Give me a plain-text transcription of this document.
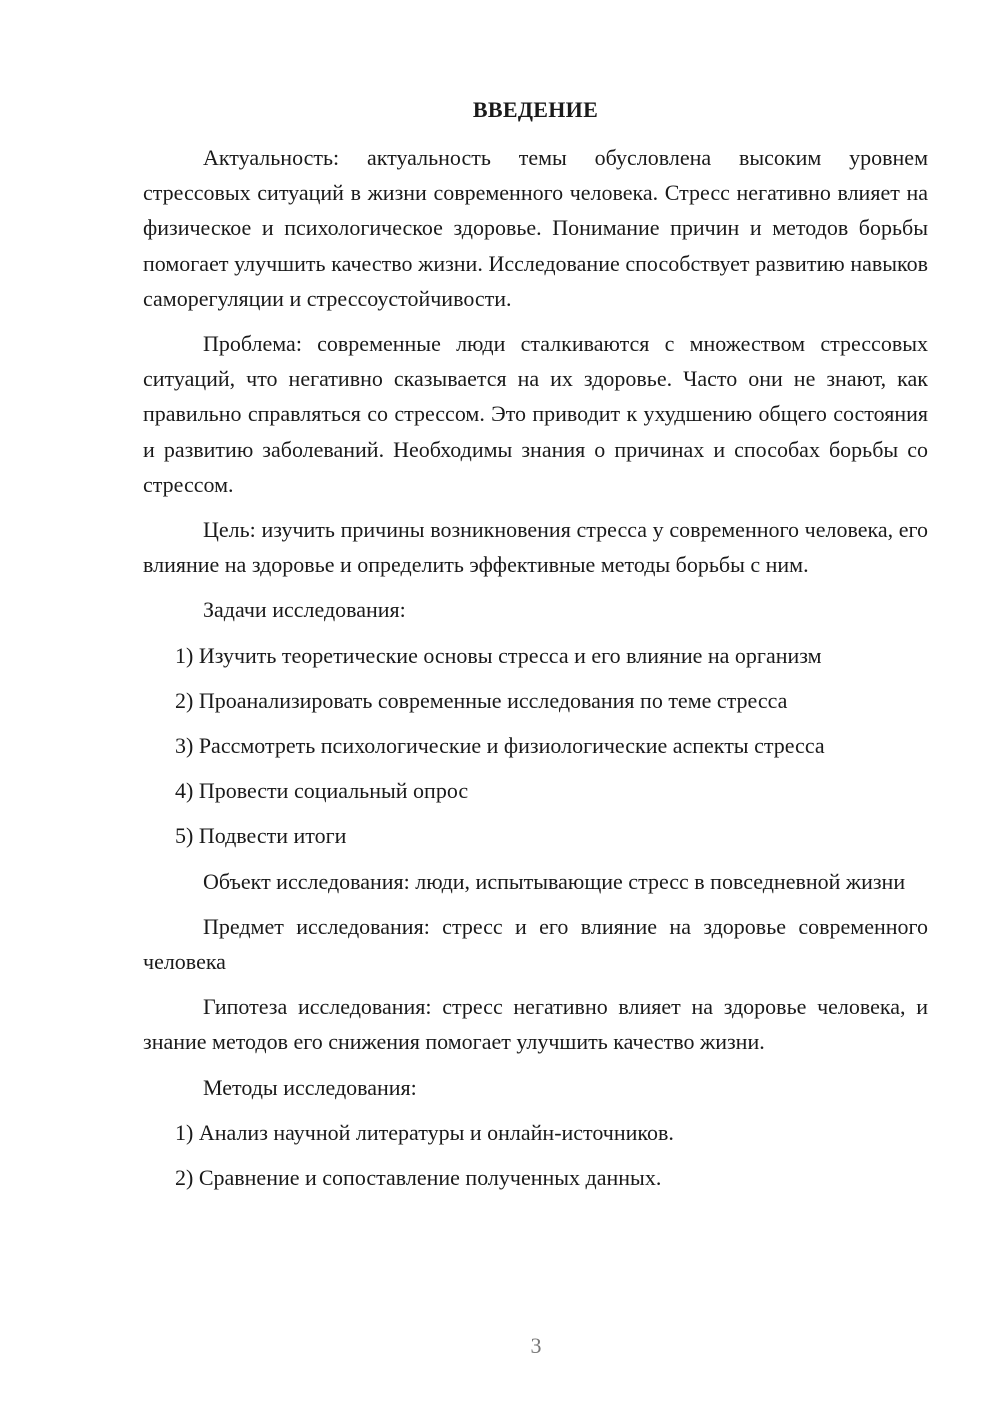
ВВЕДЕНИЕ

Актуальность: актуальность темы обусловлена высоким уровнем стрессовых ситуаций в жизни современного человека. Стресс негативно влияет на физическое и психологическое здоровье. Понимание причин и методов борьбы помогает улучшить качество жизни. Исследование способствует развитию навыков саморегуляции и стрессоустойчивости.

Проблема: современные люди сталкиваются с множеством стрессовых ситуаций, что негативно сказывается на их здоровье. Часто они не знают, как правильно справляться со стрессом. Это приводит к ухудшению общего состояния и развитию заболеваний. Необходимы знания о причинах и способах борьбы со стрессом.

Цель: изучить причины возникновения стресса у современного человека, его влияние на здоровье и определить эффективные методы борьбы с ним.

Задачи исследования:

1) Изучить теоретические основы стресса и его влияние на организм
2) Проанализировать современные исследования по теме стресса
3) Рассмотреть психологические и физиологические аспекты стресса
4) Провести социальный опрос
5) Подвести итоги

Объект исследования: люди, испытывающие стресс в повседневной жизни

Предмет исследования: стресс и его влияние на здоровье современного человека

Гипотеза исследования: стресс негативно влияет на здоровье человека, и знание методов его снижения помогает улучшить качество жизни.

Методы исследования:

1) Анализ научной литературы и онлайн-источников.
2) Сравнение и сопоставление полученных данных.
3
